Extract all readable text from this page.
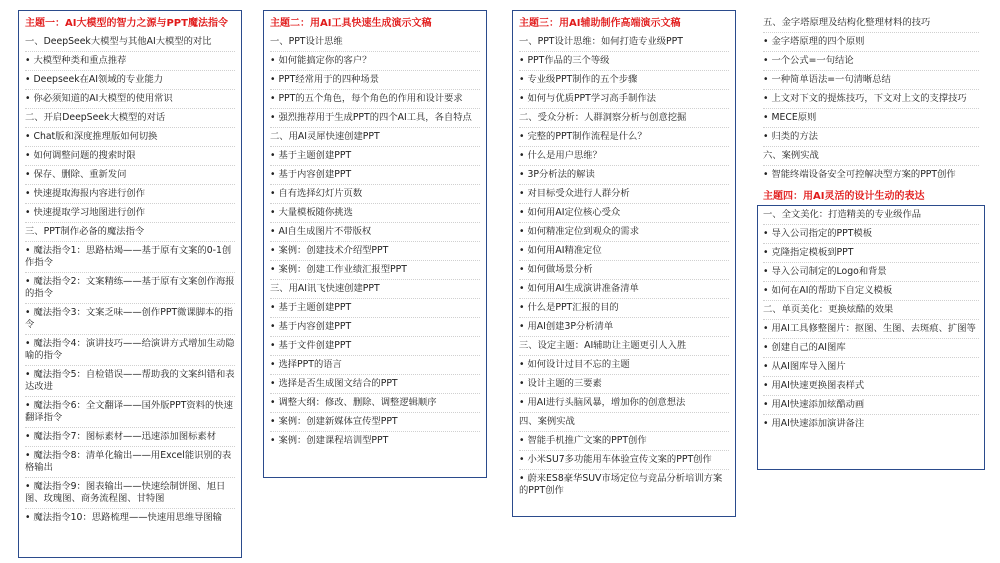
主题一：AI大模型的智力之源与PPT魔法指令
一、DeepSeek大模型与其他AI大模型的对比
• 大模型种类和重点推荐
• Deepseek在AI领域的专业能力
• 你必须知道的AI大模型的使用常识
二、开启DeepSeek大模型的对话
• Chat版和深度推理版如何切换
• 如何调整问题的搜索时限
• 保存、删除、重新发问
• 快速提取海报内容进行创作
• 快速提取学习地图进行创作
三、PPT制作必备的魔法指令
• 魔法指令1：思路枯竭——基于原有文案的0-1创作指令
• 魔法指令2：文案精练——基于原有文案创作海报的指令
• 魔法指令3：文案乏味——创作PPT微课脚本的指令
• 魔法指令4：演讲技巧——给演讲方式增加生动隐喻的指令
• 魔法指令5：自检错误——帮助我的文案纠错和表达改进
• 魔法指令6：全文翻译——国外版PPT资料的快速翻译指令
• 魔法指令7：图标素材——迅速添加图标素材
• 魔法指令8：清单化输出——用Excel能识别的表格输出
• 魔法指令9：图表输出——快速绘制饼图、旭日图、玫瑰图、商务流程图、甘特图
• 魔法指令10：思路梳理——快速用思维导图输
主题二：用AI工具快速生成演示文稿
一、PPT设计思维
• 如何能搞定你的客户？
• PPT经常用于的四种场景
• PPT的五个角色，每个角色的作用和设计要求
• 强烈推荐用于生成PPT的四个AI工具，各自特点
二、用AI灵犀快速创建PPT
• 基于主题创建PPT
• 基于内容创建PPT
• 自有选择幻灯片页数
• 大量模板随你挑选
• AI自生成图片不带版权
• 案例：创建技术介绍型PPT
• 案例：创建工作业绩汇报型PPT
三、用AI讯飞快速创建PPT
• 基于主题创建PPT
• 基于内容创建PPT
• 基于文件创建PPT
• 选择PPT的语言
• 选择是否生成图文结合的PPT
• 调整大纲：修改、删除、调整逻辑顺序
• 案例：创建新媒体宣传型PPT
• 案例：创建课程培训型PPT
主题三：用AI辅助制作高端演示文稿
一、PPT设计思维：如何打造专业级PPT
• PPT作品的三个等级
• 专业级PPT制作的五个步骤
• 如何与优质PPT学习高手制作法
二、受众分析：人群洞察分析与创意挖掘
• 完整的PPT制作流程是什么？
• 什么是用户思维？
• 3P分析法的解读
• 对目标受众进行人群分析
• 如何用AI定位核心受众
• 如何精准定位到观众的需求
• 如何用AI精准定位
• 如何做场景分析
• 如何用AI生成演讲准备清单
• 什么是PPT汇报的目的
• 用AI创建3P分析清单
三、设定主题：AI辅助让主题更引人入胜
• 如何设计过目不忘的主题
• 设计主题的三要素
• 用AI进行头脑风暴，增加你的创意想法
四、案例实战
• 智能手机推广文案的PPT创作
• 小米SU7多功能用车体验宣传文案的PPT创作
• 蔚来ES8豪华SUV市场定位与竞品分析培训方案的PPT创作
五、金字塔原理及结构化整理材料的技巧
• 金字塔原理的四个原则
• 一个公式=一句结论
• 一种简单语法=一句清晰总结
• 上文对下文的提炼技巧，下文对上文的支撑技巧
• MECE原则
• 归类的方法
六、案例实战
• 智能终端设备安全可控解决型方案的PPT创作
主题四：用AI灵活的设计生动的表达
一、全文美化：打造精美的专业级作品
• 导入公司指定的PPT模板
• 克隆指定模板到PPT
• 导入公司制定的Logo和背景
• 如何在AI的帮助下自定义模板
二、单页美化：更换炫酷的效果
• 用AI工具修整图片：抠图、生图、去斑痕、扩图等
• 创建自己的AI图库
• 从AI图库导入图片
• 用AI快速更换图表样式
• 用AI快速添加炫酷动画
• 用AI快速添加演讲备注
